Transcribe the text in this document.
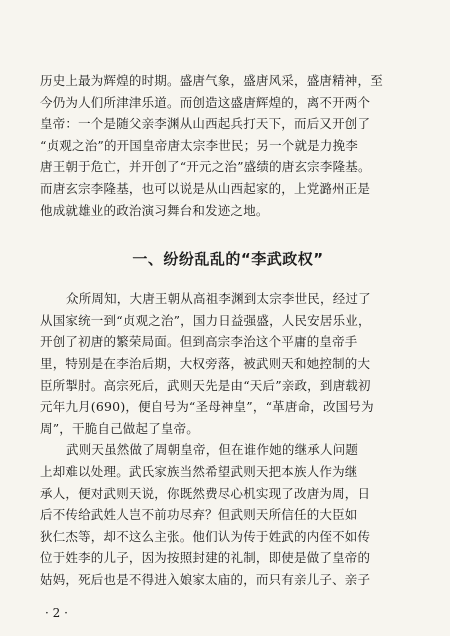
历史上最为辉煌的时期。盛唐气象，盛唐风采，盛唐精神，至
今仍为人们所津津乐道。而创造这盛唐辉煌的，离不开两个
皇帝：一个是随父亲李渊从山西起兵打天下，而后又开创了
“贞观之治”的开国皇帝唐太宗李世民；另一个就是力挽李
唐王朝于危亡，并开创了“开元之治”盛绩的唐玄宗李隆基。
而唐玄宗李隆基，也可以说是从山西起家的，上党潞州正是
他成就雄业的政治演习舞台和发迹之地。
一、纷纷乱乱的“李武政权”
众所周知，大唐王朝从高祖李渊到太宗李世民，经过了
从国家统一到“贞观之治”，国力日益强盛，人民安居乐业，
开创了初唐的繁荣局面。但到高宗李治这个平庸的皇帝手
里，特别是在李治后期，大权旁落，被武则天和她控制的大
臣所掣肘。高宗死后，武则天先是由“天后”亲政，到唐载初
元年九月(690)，便自号为“圣母神皇”，“革唐命，改国号为
周”，干脆自己做起了皇帝。
武则天虽然做了周朝皇帝，但在谁作她的继承人问题
上却难以处理。武氏家族当然希望武则天把本族人作为继
承人，便对武则天说，你既然费尽心机实现了改唐为周，日
后不传给武姓人岂不前功尽弃？但武则天所信任的大臣如
狄仁杰等，却不这么主张。他们认为传于姓武的内侄不如传
位于姓李的儿子，因为按照封建的礼制，即使是做了皇帝的
姑妈，死后也是不得进入娘家太庙的，而只有亲儿子、亲子
· 2 ·
